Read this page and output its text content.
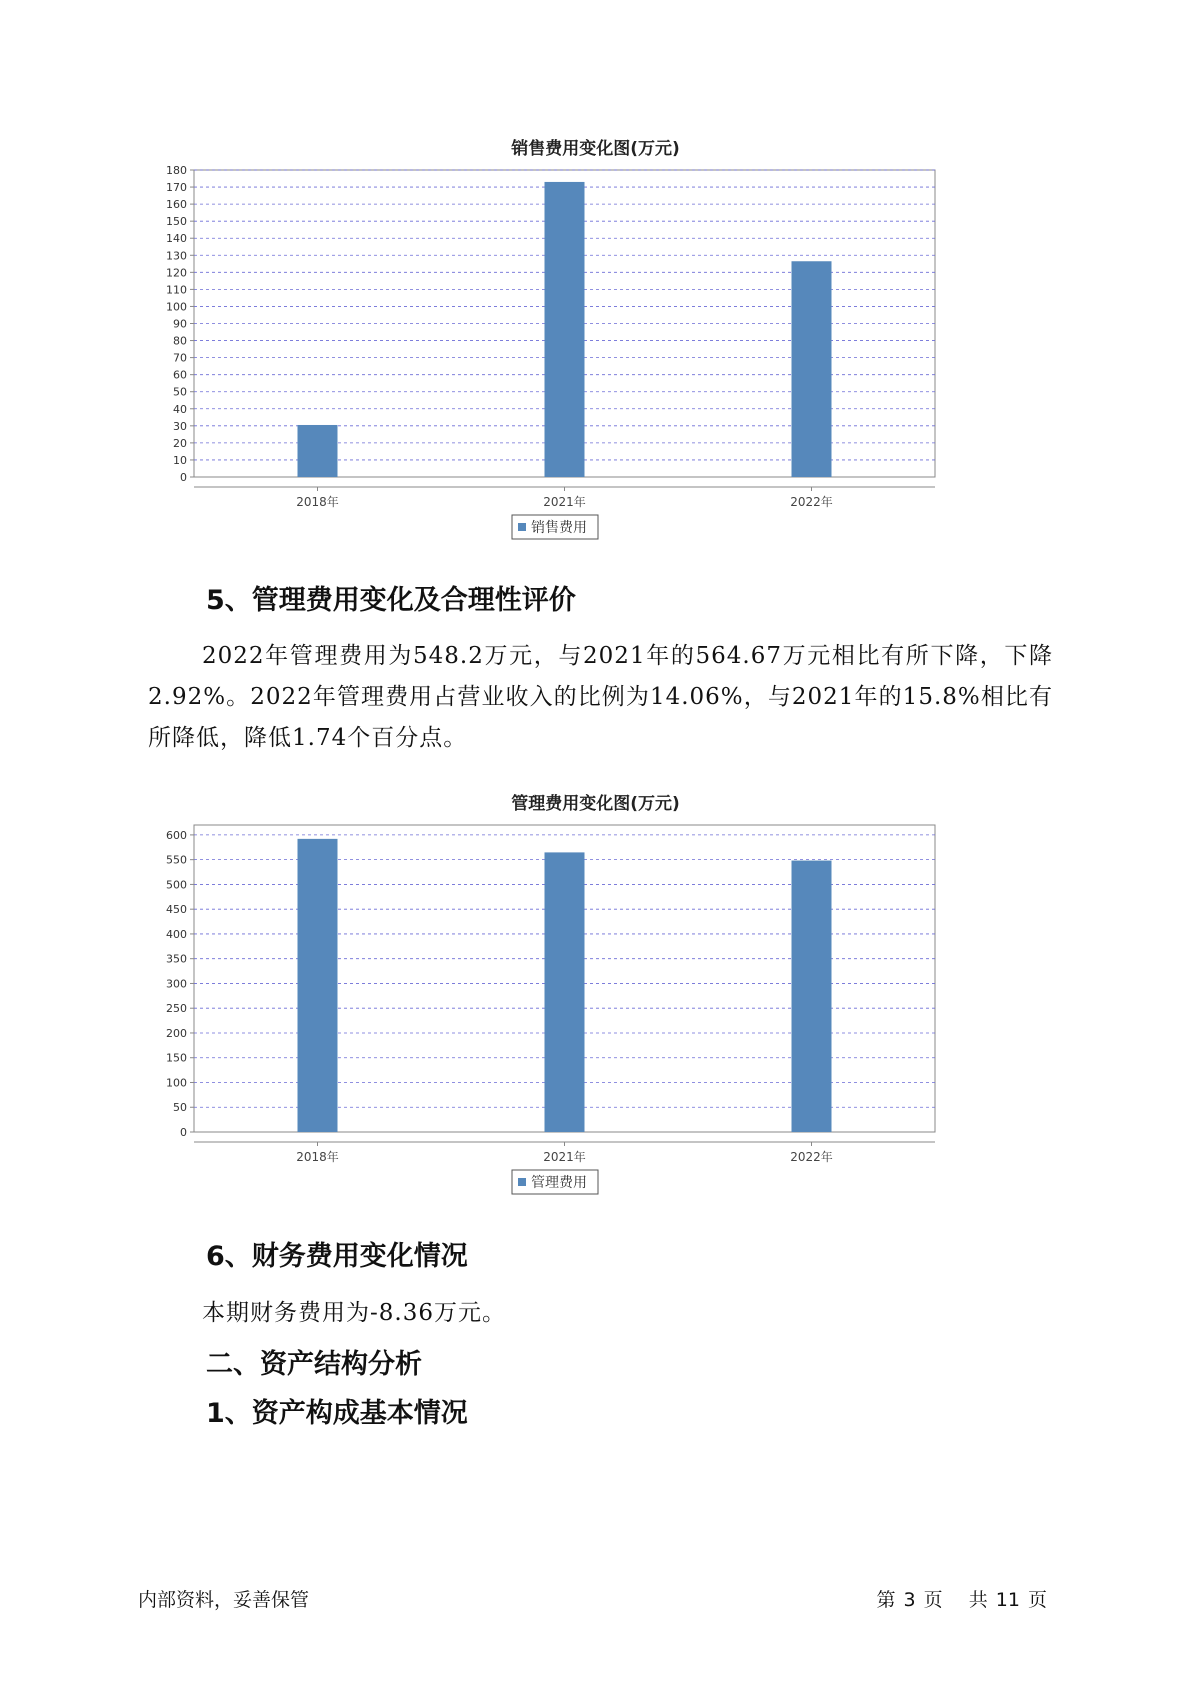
销售费用变化图(万元)
0
10
20
30
40
50
60
70
80
90
100
110
120
130
140
150
160
170
180
2018年	2021年	2022年
销售费用
5、管理费用变化及合理性评价
2022年管理费用为548.2万元，与2021年的564.67万元相比有所下降，下降2.92%。2022年管理费用占营业收入的比例为14.06%，与2021年的15.8%相比有所降低，降低1.74个百分点。
管理费用变化图(万元)
0
50
100
150
200
250
300
350
400
450
500
550
600
2018年	2021年	2022年
管理费用
6、财务费用变化情况
本期财务费用为-8.36万元。
二、资产结构分析
1、资产构成基本情况
内部资料，妥善保管	第 3 页 共 11 页
